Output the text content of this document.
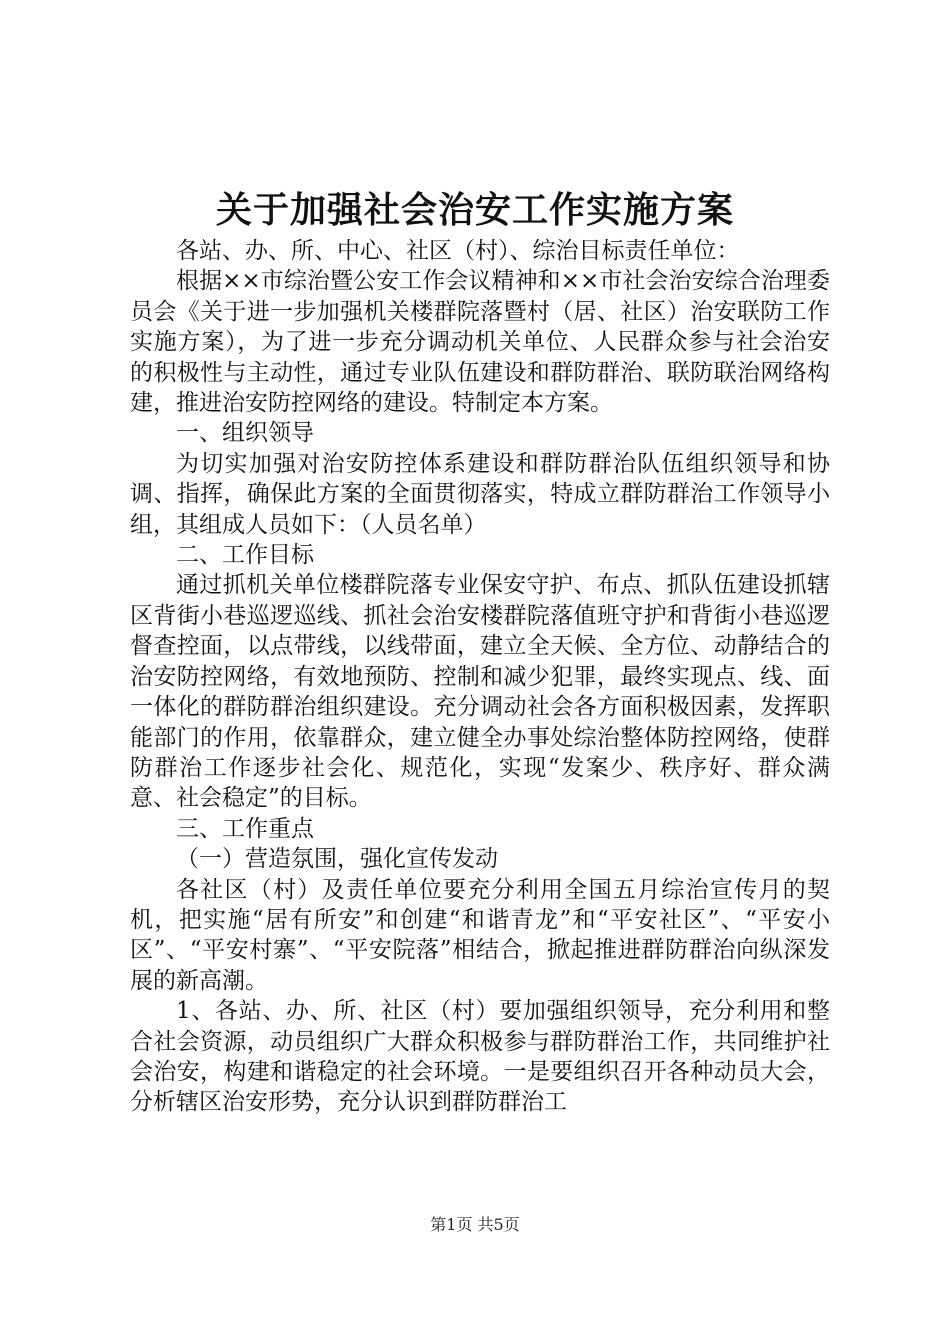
关于加强社会治安工作实施方案

各站、办、所、中心、社区（村）、综治目标责任单位：

根据××市综治暨公安工作会议精神和××市社会治安综合治理委员会《关于进一步加强机关楼群院落暨村（居、社区）治安联防工作实施方案），为了进一步充分调动机关单位、人民群众参与社会治安的积极性与主动性，通过专业队伍建设和群防群治、联防联治网络构建，推进治安防控网络的建设。特制定本方案。

一、组织领导

为切实加强对治安防控体系建设和群防群治队伍组织领导和协调、指挥，确保此方案的全面贯彻落实，特成立群防群治工作领导小组，其组成人员如下：（人员名单）

二、工作目标

通过抓机关单位楼群院落专业保安守护、布点、抓队伍建设抓辖区背街小巷巡逻巡线、抓社会治安楼群院落值班守护和背街小巷巡逻督查控面，以点带线，以线带面，建立全天候、全方位、动静结合的治安防控网络，有效地预防、控制和减少犯罪，最终实现点、线、面一体化的群防群治组织建设。充分调动社会各方面积极因素，发挥职能部门的作用，依靠群众，建立健全办事处综治整体防控网络，使群防群治工作逐步社会化、规范化，实现“发案少、秩序好、群众满意、社会稳定”的目标。

三、工作重点

（一）营造氛围，强化宣传发动

各社区（村）及责任单位要充分利用全国五月综治宣传月的契机，把实施“居有所安”和创建“和谐青龙”和“平安社区”、“平安小区”、“平安村寨”、“平安院落”相结合，掀起推进群防群治向纵深发展的新高潮。

1、各站、办、所、社区（村）要加强组织领导，充分利用和整合社会资源，动员组织广大群众积极参与群防群治工作，共同维护社会治安，构建和谐稳定的社会环境。一是要组织召开各种动员大会，分析辖区治安形势，充分认识到群防群治工

第1页 共5页
